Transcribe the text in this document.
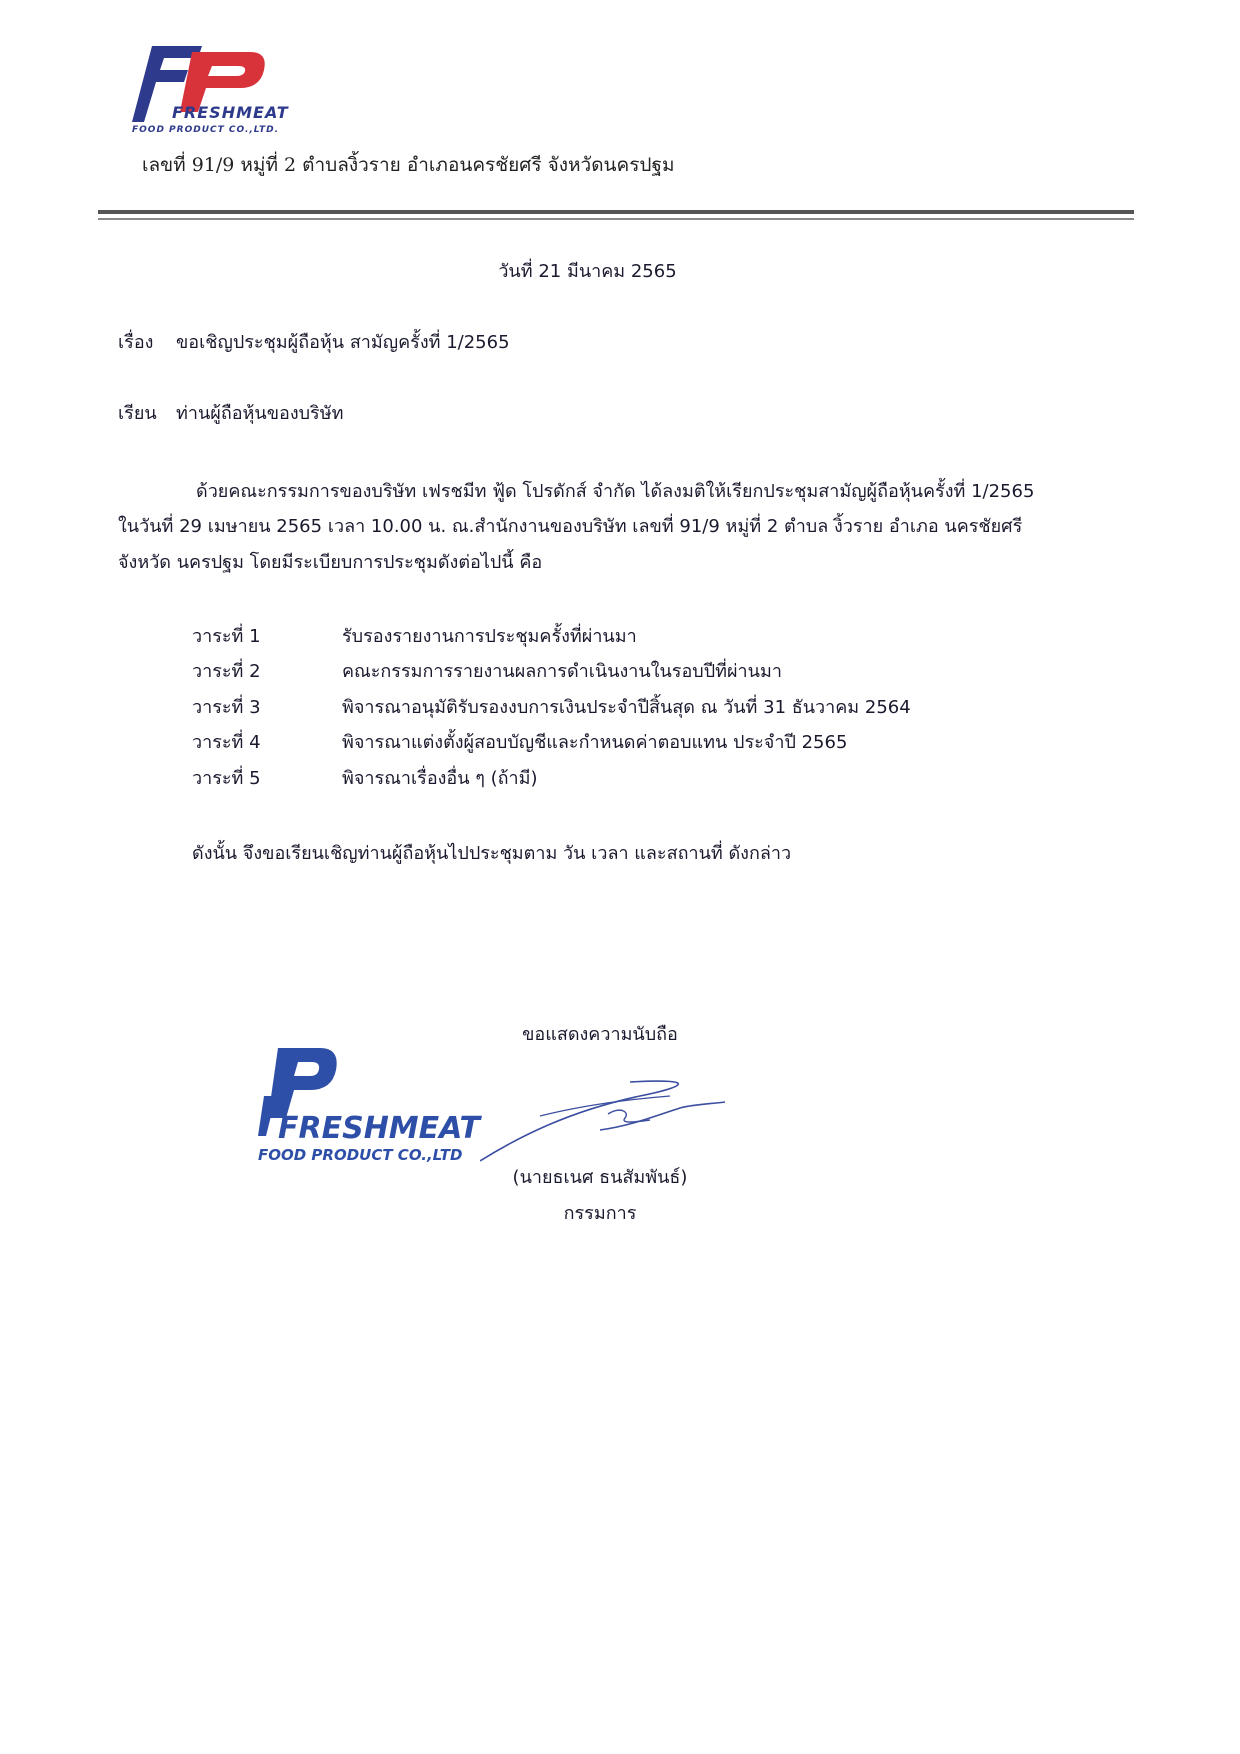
FRESHMEAT
FOOD PRODUCT CO.,LTD.
เลขที่ 91/9 หมู่ที่ 2 ตำบลงิ้วราย อำเภอนครชัยศรี จังหวัดนครปฐม
วันที่ 21 มีนาคม 2565
เรื่อง ขอเชิญประชุมผู้ถือหุ้น สามัญครั้งที่ 1/2565
เรียน ท่านผู้ถือหุ้นของบริษัท
ด้วยคณะกรรมการของบริษัท เฟรชมีท ฟู้ด โปรดักส์ จำกัด ได้ลงมติให้เรียกประชุมสามัญผู้ถือหุ้นครั้งที่ 1/2565
ในวันที่ 29 เมษายน 2565 เวลา 10.00 น. ณ.สำนักงานของบริษัท เลขที่ 91/9 หมู่ที่ 2 ตำบล งิ้วราย อำเภอ นครชัยศรี
จังหวัด นครปฐม โดยมีระเบียบการประชุมดังต่อไปนี้ คือ
วาระที่ 1	รับรองรายงานการประชุมครั้งที่ผ่านมา
วาระที่ 2	คณะกรรมการรายงานผลการดำเนินงานในรอบปีที่ผ่านมา
วาระที่ 3	พิจารณาอนุมัติรับรองงบการเงินประจำปีสิ้นสุด ณ วันที่ 31 ธันวาคม 2564
วาระที่ 4	พิจารณาแต่งตั้งผู้สอบบัญชีและกำหนดค่าตอบแทน ประจำปี 2565
วาระที่ 5	พิจารณาเรื่องอื่น ๆ (ถ้ามี)
ดังนั้น จึงขอเรียนเชิญท่านผู้ถือหุ้นไปประชุมตาม วัน เวลา และสถานที่ ดังกล่าว
ขอแสดงความนับถือ
FRESHMEAT
FOOD PRODUCT CO.,LTD
(นายธเนศ ธนสัมพันธ์)
กรรมการ
